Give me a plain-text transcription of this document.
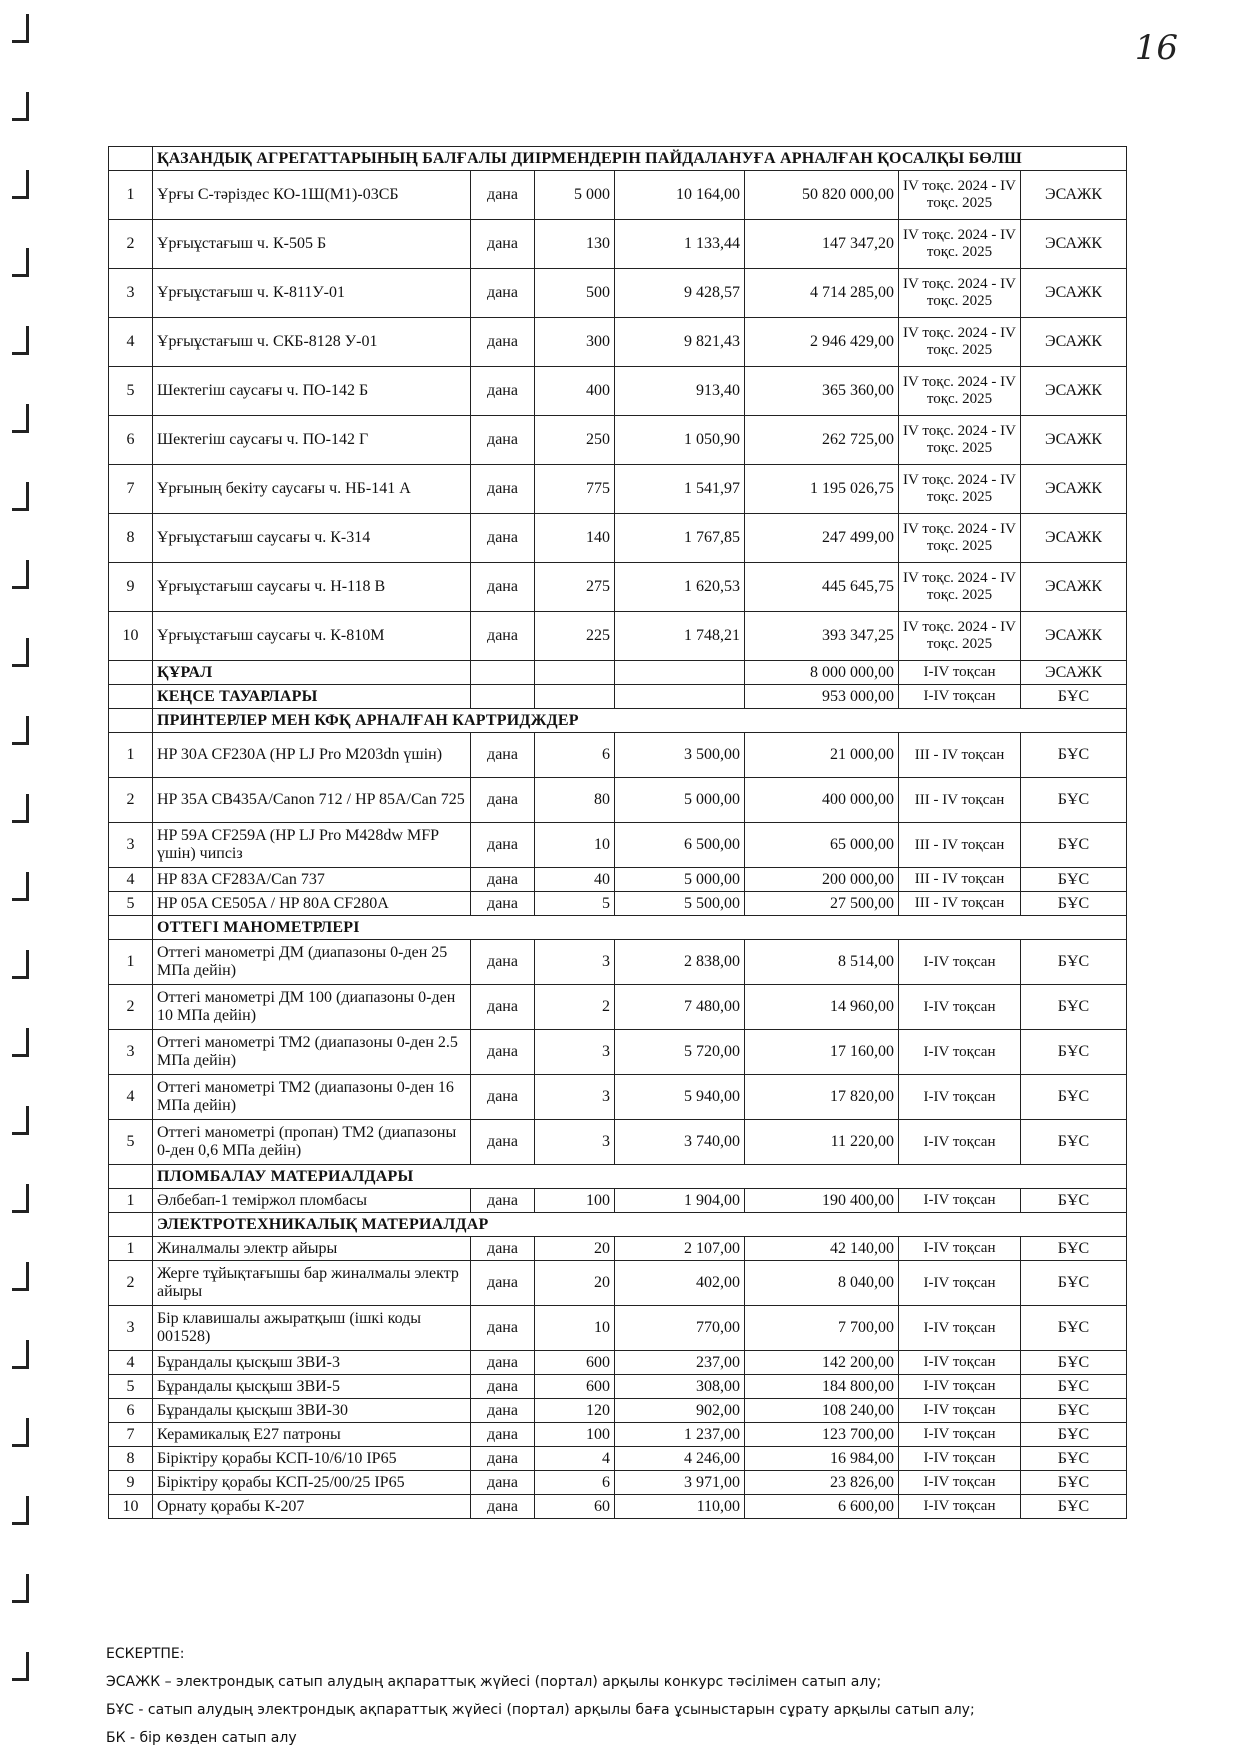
16
	ҚАЗАНДЫҚ АГРЕГАТТАРЫНЫҢ БАЛҒАЛЫ ДИІРМЕНДЕРІН ПАЙДАЛАНУҒА АРНАЛҒАН ҚОСАЛҚЫ БӨЛШ						
1	Ұрғы С-тәріздес КО-1Ш(М1)-03СБ	дана	5 000	10 164,00	50 820 000,00	IV тоқс. 2024 - IV тоқс. 2025	ЭСАЖК
2	Ұрғыұстағыш ч. К-505 Б	дана	130	1 133,44	147 347,20	IV тоқс. 2024 - IV тоқс. 2025	ЭСАЖК
3	Ұрғыұстағыш ч. К-811У-01	дана	500	9 428,57	4 714 285,00	IV тоқс. 2024 - IV тоқс. 2025	ЭСАЖК
4	Ұрғыұстағыш ч. СКБ-8128 У-01	дана	300	9 821,43	2 946 429,00	IV тоқс. 2024 - IV тоқс. 2025	ЭСАЖК
5	Шектегіш саусағы ч. ПО-142 Б	дана	400	913,40	365 360,00	IV тоқс. 2024 - IV тоқс. 2025	ЭСАЖК
6	Шектегіш саусағы ч. ПО-142 Г	дана	250	1 050,90	262 725,00	IV тоқс. 2024 - IV тоқс. 2025	ЭСАЖК
7	Ұрғының бекіту саусағы ч. НБ-141 А	дана	775	1 541,97	1 195 026,75	IV тоқс. 2024 - IV тоқс. 2025	ЭСАЖК
8	Ұрғыұстағыш саусағы ч. К-314	дана	140	1 767,85	247 499,00	IV тоқс. 2024 - IV тоқс. 2025	ЭСАЖК
9	Ұрғыұстағыш саусағы ч. Н-118 В	дана	275	1 620,53	445 645,75	IV тоқс. 2024 - IV тоқс. 2025	ЭСАЖК
10	Ұрғыұстағыш саусағы ч. К-810М	дана	225	1 748,21	393 347,25	IV тоқс. 2024 - IV тоқс. 2025	ЭСАЖК
	ҚҰРАЛ				8 000 000,00	I-IV тоқсан	ЭСАЖК
	КЕҢСЕ ТАУАРЛАРЫ				953 000,00	I-IV тоқсан	БҰС
	ПРИНТЕРЛЕР МЕН КФҚ АРНАЛҒАН КАРТРИДЖДЕР						
1	HP 30A CF230A (HP LJ Pro M203dn үшін)	дана	6	3 500,00	21 000,00	III - IV тоқсан	БҰС
2	HP 35A CB435A/Canon 712 / HP 85A/Can 725	дана	80	5 000,00	400 000,00	III - IV тоқсан	БҰС
3	HP 59A CF259A (HP LJ Pro M428dw MFP үшін) чипсіз	дана	10	6 500,00	65 000,00	III - IV тоқсан	БҰС
4	HP 83A CF283A/Can 737	дана	40	5 000,00	200 000,00	III - IV тоқсан	БҰС
5	HP 05A CE505A / HP 80A CF280A	дана	5	5 500,00	27 500,00	III - IV тоқсан	БҰС
	ОТТЕГІ МАНОМЕТРЛЕРІ						
1	Оттегі манометрі ДМ (диапазоны 0-ден 25 МПа дейін)	дана	3	2 838,00	8 514,00	I-IV тоқсан	БҰС
2	Оттегі манометрі ДМ 100 (диапазоны 0-ден 10 МПа дейін)	дана	2	7 480,00	14 960,00	I-IV тоқсан	БҰС
3	Оттегі манометрі ТМ2 (диапазоны 0-ден 2.5 МПа дейін)	дана	3	5 720,00	17 160,00	I-IV тоқсан	БҰС
4	Оттегі манометрі ТМ2 (диапазоны 0-ден 16 МПа дейін)	дана	3	5 940,00	17 820,00	I-IV тоқсан	БҰС
5	Оттегі манометрі (пропан) ТМ2 (диапазоны 0-ден 0,6 МПа дейін)	дана	3	3 740,00	11 220,00	I-IV тоқсан	БҰС
	ПЛОМБАЛАУ МАТЕРИАЛДАРЫ						
1	Әлбебап-1 теміржол пломбасы	дана	100	1 904,00	190 400,00	I-IV тоқсан	БҰС
	ЭЛЕКТРОТЕХНИКАЛЫҚ МАТЕРИАЛДАР						
1	Жиналмалы электр айыры	дана	20	2 107,00	42 140,00	I-IV тоқсан	БҰС
2	Жерге тұйықтағышы бар жиналмалы электр айыры	дана	20	402,00	8 040,00	I-IV тоқсан	БҰС
3	Бір клавишалы ажыратқыш (ішкі коды 001528)	дана	10	770,00	7 700,00	I-IV тоқсан	БҰС
4	Бұрандалы қысқыш ЗВИ-3	дана	600	237,00	142 200,00	I-IV тоқсан	БҰС
5	Бұрандалы қысқыш ЗВИ-5	дана	600	308,00	184 800,00	I-IV тоқсан	БҰС
6	Бұрандалы қысқыш ЗВИ-30	дана	120	902,00	108 240,00	I-IV тоқсан	БҰС
7	Керамикалық Е27 патроны	дана	100	1 237,00	123 700,00	I-IV тоқсан	БҰС
8	Біріктіру қорабы КСП-10/6/10 IP65	дана	4	4 246,00	16 984,00	I-IV тоқсан	БҰС
9	Біріктіру қорабы КСП-25/00/25 IP65	дана	6	3 971,00	23 826,00	I-IV тоқсан	БҰС
10	Орнату қорабы К-207	дана	60	110,00	6 600,00	I-IV тоқсан	БҰС
ЕСКЕРТПЕ:
ЭСАЖК – электрондық сатып алудың ақпараттық жүйесі (портал) арқылы конкурс тәсілімен сатып алу;
БҰС - сатып алудың электрондық ақпараттық жүйесі (портал) арқылы баға ұсыныстарын сұрату арқылы сатып алу;
БК - бір көзден сатып алу
